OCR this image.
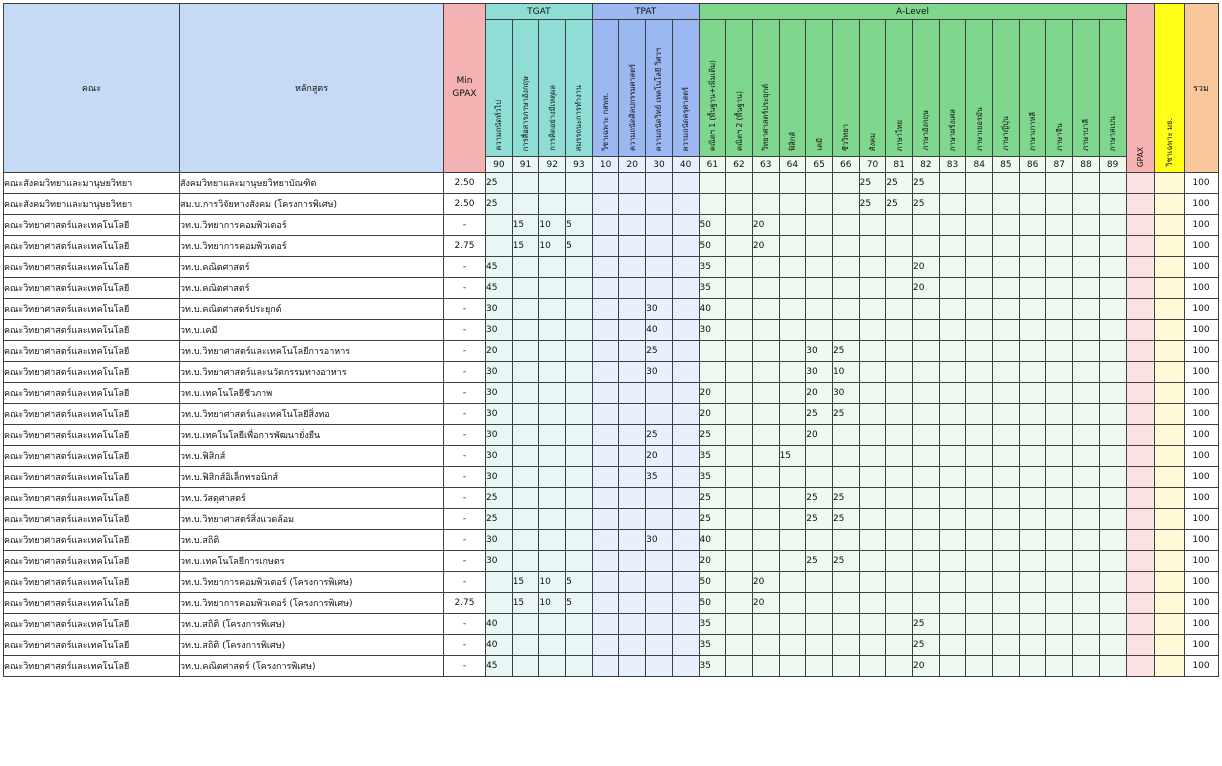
คณะ	หลักสูตร	Min GPAX	TGAT				TPAT				A-Level																GPAX	วิชาเฉพาะ มธ.	รวม
			ความถนัดทั่วไป	การสื่อสารภาษาอังกฤษ	การคิดอย่างมีเหตุผล	สมรรถนะการทำงาน	วิชาเฉพาะ กสพท.	ความถนัดศิลปกรรมศาสตร์	ความถนัดวิทย์ เทคโนโลยี วิศวฯ	ความถนัดครุศาสตร์	คณิตฯ 1 (พื้นฐาน+เพิ่มเติม)	คณิตฯ 2 (พื้นฐาน)	วิทยาศาสตร์ประยุกต์	ฟิสิกส์	เคมี	ชีววิทยา	สังคม	ภาษาไทย	ภาษาอังกฤษ	ภาษาฝรั่งเศส	ภาษาเยอรมัน	ภาษาญี่ปุ่น	ภาษาเกาหลี	ภาษาจีน	ภาษาบาลี	ภาษาสเปน			
			90	91	92	93	10	20	30	40	61	62	63	64	65	66	70	81	82	83	84	85	86	87	88	89			
คณะสังคมวิทยาและมานุษยวิทยา	สังคมวิทยาและมานุษยวิทยาบัณฑิต	2.50	25														25	25	25										100
คณะสังคมวิทยาและมานุษยวิทยา	สม.บ.การวิจัยทางสังคม (โครงการพิเศษ)	2.50	25														25	25	25										100
คณะวิทยาศาสตร์และเทคโนโลยี	วท.บ.วิทยาการคอมพิวเตอร์	-		15	10	5					50		20																100
คณะวิทยาศาสตร์และเทคโนโลยี	วท.บ.วิทยาการคอมพิวเตอร์	2.75		15	10	5					50		20																100
คณะวิทยาศาสตร์และเทคโนโลยี	วท.บ.คณิตศาสตร์	-	45								35								20										100
คณะวิทยาศาสตร์และเทคโนโลยี	วท.บ.คณิตศาสตร์	-	45								35								20										100
คณะวิทยาศาสตร์และเทคโนโลยี	วท.บ.คณิตศาสตร์ประยุกต์	-	30						30		40																		100
คณะวิทยาศาสตร์และเทคโนโลยี	วท.บ.เคมี	-	30						40		30																		100
คณะวิทยาศาสตร์และเทคโนโลยี	วท.บ.วิทยาศาสตร์และเทคโนโลยีการอาหาร	-	20						25						30	25													100
คณะวิทยาศาสตร์และเทคโนโลยี	วท.บ.วิทยาศาสตร์และนวัตกรรมทางอาหาร	-	30						30						30	10													100
คณะวิทยาศาสตร์และเทคโนโลยี	วท.บ.เทคโนโลยีชีวภาพ	-	30								20				20	30													100
คณะวิทยาศาสตร์และเทคโนโลยี	วท.บ.วิทยาศาสตร์และเทคโนโลยีสิ่งทอ	-	30								20				25	25													100
คณะวิทยาศาสตร์และเทคโนโลยี	วท.บ.เทคโนโลยีเพื่อการพัฒนายั่งยืน	-	30						25		25				20														100
คณะวิทยาศาสตร์และเทคโนโลยี	วท.บ.ฟิสิกส์	-	30						20		35			15															100
คณะวิทยาศาสตร์และเทคโนโลยี	วท.บ.ฟิสิกส์อิเล็กทรอนิกส์	-	30						35		35																		100
คณะวิทยาศาสตร์และเทคโนโลยี	วท.บ.วัสดุศาสตร์	-	25								25				25	25													100
คณะวิทยาศาสตร์และเทคโนโลยี	วท.บ.วิทยาศาสตร์สิ่งแวดล้อม	-	25								25				25	25													100
คณะวิทยาศาสตร์และเทคโนโลยี	วท.บ.สถิติ	-	30						30		40																		100
คณะวิทยาศาสตร์และเทคโนโลยี	วท.บ.เทคโนโลยีการเกษตร	-	30								20				25	25													100
คณะวิทยาศาสตร์และเทคโนโลยี	วท.บ.วิทยาการคอมพิวเตอร์ (โครงการพิเศษ)	-		15	10	5					50		20																100
คณะวิทยาศาสตร์และเทคโนโลยี	วท.บ.วิทยาการคอมพิวเตอร์ (โครงการพิเศษ)	2.75		15	10	5					50		20																100
คณะวิทยาศาสตร์และเทคโนโลยี	วท.บ.สถิติ (โครงการพิเศษ)	-	40								35								25										100
คณะวิทยาศาสตร์และเทคโนโลยี	วท.บ.สถิติ (โครงการพิเศษ)	-	40								35								25										100
คณะวิทยาศาสตร์และเทคโนโลยี	วท.บ.คณิตศาสตร์ (โครงการพิเศษ)	-	45								35								20										100
